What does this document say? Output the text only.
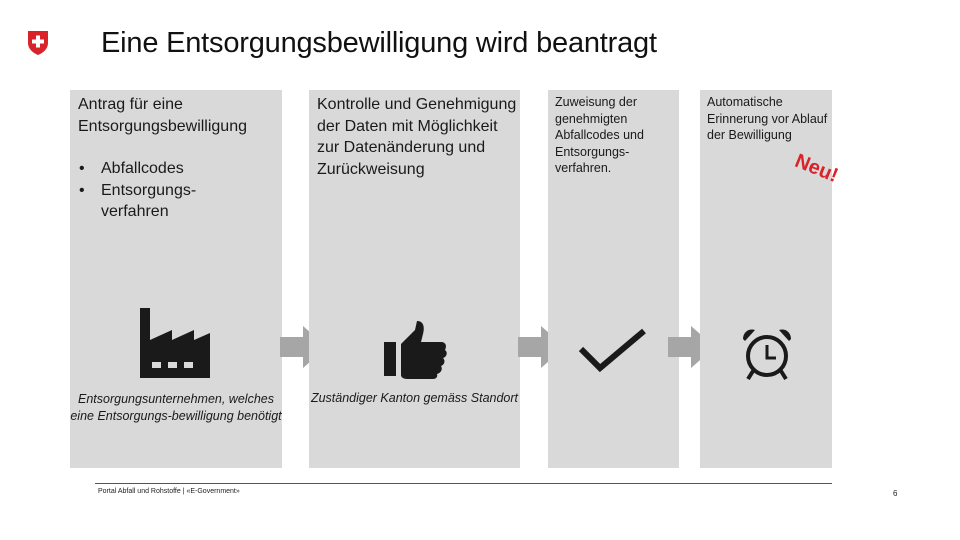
Eine Entsorgungsbewilligung wird beantragt
Antrag für eine Entsorgungsbewilligung
• Abfallcodes
• Entsorgungs-verfahren
Entsorgungsunternehmen, welches eine Entsorgungs-bewilligung benötigt
Kontrolle und Genehmigung der Daten mit Möglichkeit zur Datenänderung und Zurückweisung
Zuständiger Kanton gemäss Standort
Zuweisung der genehmigten Abfallcodes und Entsorgungs-verfahren.
Automatische Erinnerung vor Ablauf der Bewilligung
Neu!
Portal Abfall und Rohstoffe | «E-Government»	6
